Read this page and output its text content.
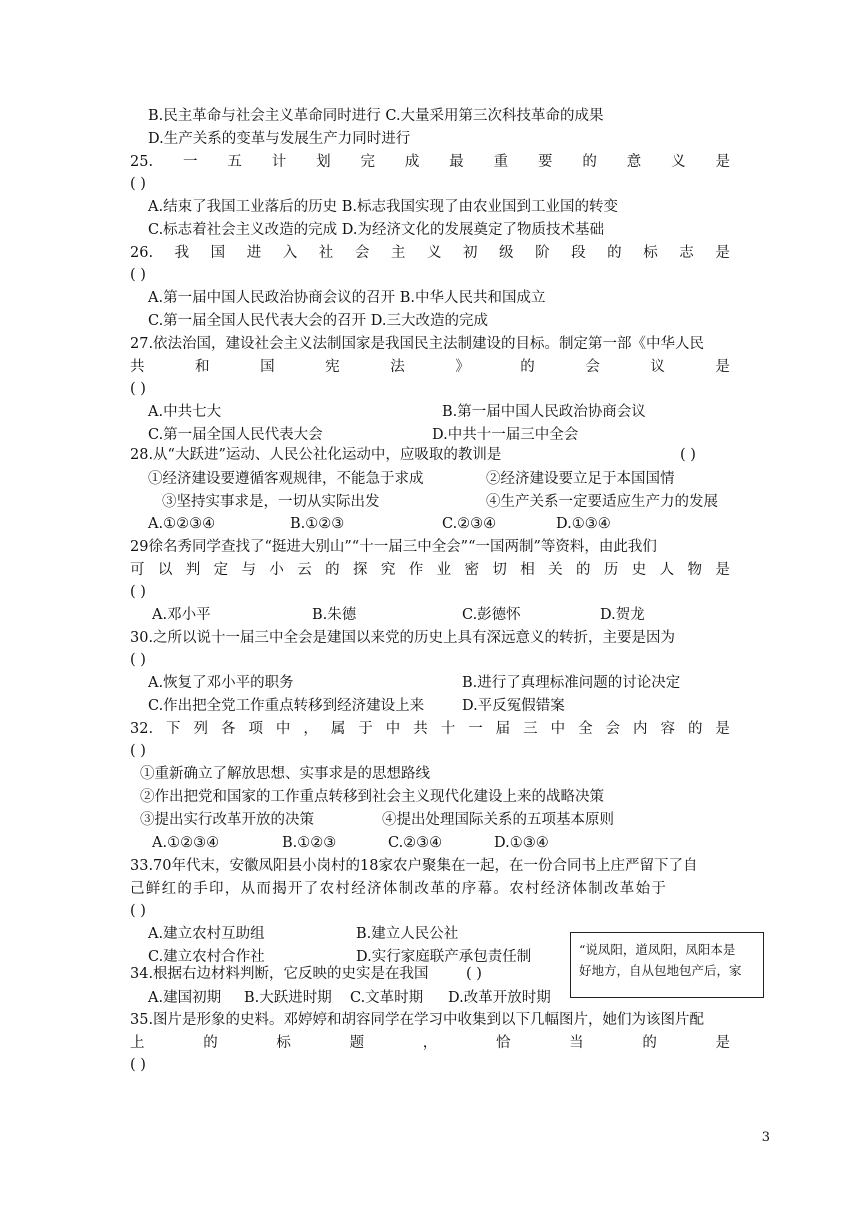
B.民主革命与社会主义革命同时进行 C.大量采用第三次科技革命的成果
D.生产关系的变革与发展生产力同时进行
25. 一 五 计 划 完 成 最 重 要 的 意 义 是
( )
A.结束了我国工业落后的历史 B.标志我国实现了由农业国到工业国的转变
C.标志着社会主义改造的完成 D.为经济文化的发展奠定了物质技术基础
26. 我 国 进 入 社 会 主 义 初 级 阶 段 的 标 志 是
( )
A.第一届中国人民政治协商会议的召开 B.中华人民共和国成立
C.第一届全国人民代表大会的召开 D.三大改造的完成
27.依法治国，建设社会主义法制国家是我国民主法制建设的目标。制定第一部《中华人民
共	和	国	宪	法	》	的	会	议	是
( )
A.中共七大	B.第一届中国人民政治协商会议
C.第一届全国人民代表大会	D.中共十一届三中全会
28.从“大跃进”运动、人民公社化运动中，应吸取的教训是	( )
①经济建设要遵循客观规律，不能急于求成	②经济建设要立足于本国国情
③坚持实事求是，一切从实际出发	④生产关系一定要适应生产力的发展
A.①②③④	B.①②③	C.②③④	D.①③④
29徐名秀同学查找了“挺进大别山”“十一届三中全会”“一国两制”等资料，由此我们
可 以 判 定 与 小 云 的 探 究 作 业 密 切 相 关 的 历 史 人 物 是
( )
A.邓小平	B.朱德	C.彭德怀	D.贺龙
30.之所以说十一届三中全会是建国以来党的历史上具有深远意义的转折，主要是因为
( )
A.恢复了邓小平的职务	B.进行了真理标准问题的讨论决定
C.作出把全党工作重点转移到经济建设上来	D.平反冤假错案
32. 下 列 各 项 中 ， 属 于 中 共 十 一 届 三 中 全 会 内 容 的 是
( )
①重新确立了解放思想、实事求是的思想路线
②作出把党和国家的工作重点转移到社会主义现代化建设上来的战略决策
③提出实行改革开放的决策	④提出处理国际关系的五项基本原则
A.①②③④	B.①②③	C.②③④	D.①③④
33.70年代末，安徽凤阳县小岗村的18家农户聚集在一起，在一份合同书上庄严留下了自
己鲜红的手印，从而揭开了农村经济体制改革的序幕。农村经济体制改革始于
( )
A.建立农村互助组	B.建立人民公社
C.建立农村合作社	D.实行家庭联产承包责任制	“说凤阳，道凤阳，凤阳本是
好地方，自从包地包产后，家
34.根据右边材料判断，它反映的史实是在我国	( )
A.建国初期 B.大跃进时期 C.文革时期 D.改革开放时期
35.图片是形象的史料。邓婷婷和胡容同学在学习中收集到以下几幅图片，她们为该图片配
上	的	标	题	，	恰	当	的	是
( )
3
